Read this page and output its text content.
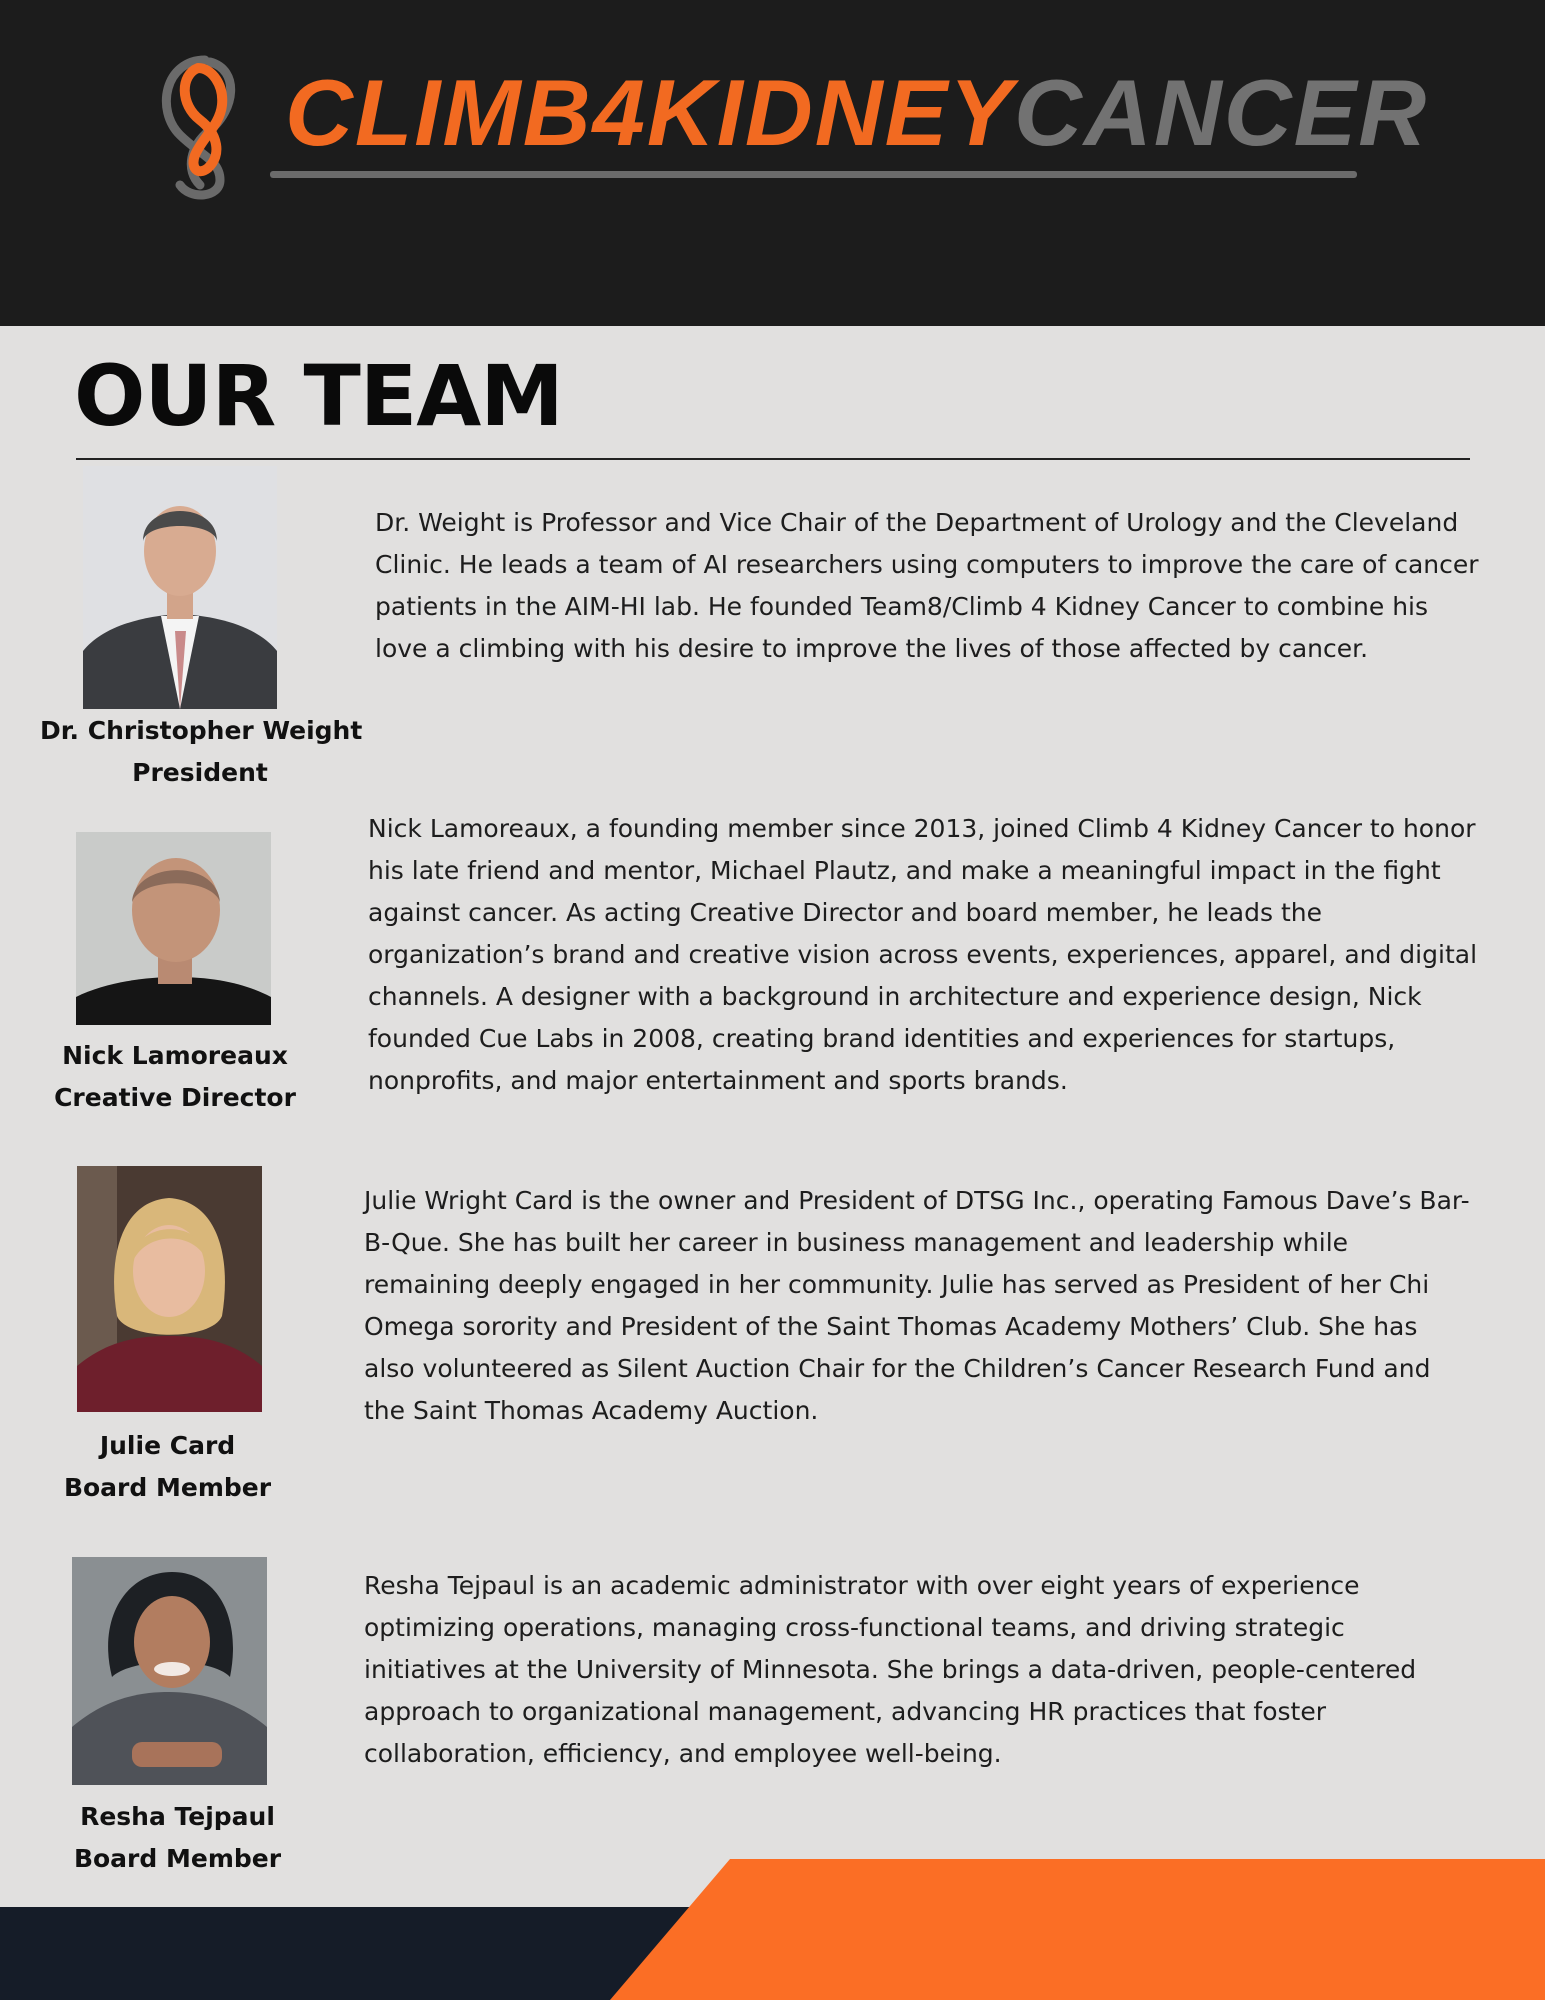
CLIMB4KIDNEYCANCER
OUR TEAM
Dr. Christopher Weight
President

Dr. Weight is Professor and Vice Chair of the Department of Urology and the Cleveland Clinic. He leads a team of AI researchers using computers to improve the care of cancer patients in the AIM-HI lab. He founded Team8/Climb 4 Kidney Cancer to combine his love a climbing with his desire to improve the lives of those affected by cancer.

Nick Lamoreaux
Creative Director

Nick Lamoreaux, a founding member since 2013, joined Climb 4 Kidney Cancer to honor his late friend and mentor, Michael Plautz, and make a meaningful impact in the fight against cancer. As acting Creative Director and board member, he leads the organization’s brand and creative vision across events, experiences, apparel, and digital channels. A designer with a background in architecture and experience design, Nick founded Cue Labs in 2008, creating brand identities and experiences for startups, nonprofits, and major entertainment and sports brands.

Julie Card
Board Member

Julie Wright Card is the owner and President of DTSG Inc., operating Famous Dave’s Bar-B-Que. She has built her career in business management and leadership while remaining deeply engaged in her community. Julie has served as President of her Chi Omega sorority and President of the Saint Thomas Academy Mothers’ Club. She has also volunteered as Silent Auction Chair for the Children’s Cancer Research Fund and the Saint Thomas Academy Auction.

Resha Tejpaul
Board Member

Resha Tejpaul is an academic administrator with over eight years of experience optimizing operations, managing cross-functional teams, and driving strategic initiatives at the University of Minnesota. She brings a data-driven, people-centered approach to organizational management, advancing HR practices that foster collaboration, efficiency, and employee well-being.
